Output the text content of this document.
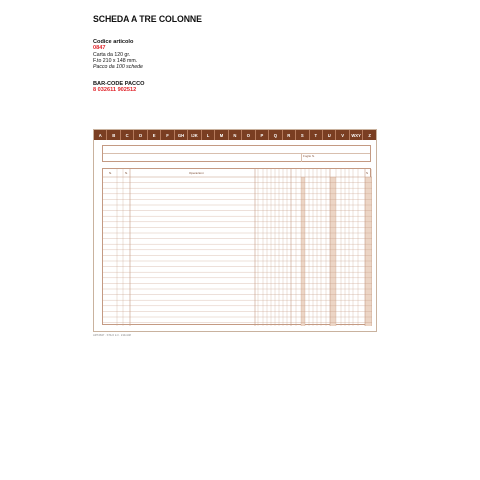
SCHEDA A TRE COLONNE
Codice articolo
0847
Carta da 120 gr.
F.to 210 x 148 mm.
Pacco da 100 schede
BAR-CODE PACCO
8 032611 902512
A	B	C	D	E	F	GH	IJK	L	M	N	O	P	Q	R	S	T	U	V	WXY	Z
Foglio N.
N.	N.	Operazioni	S
ART.0847 · STILO 2-3 · 210x148
